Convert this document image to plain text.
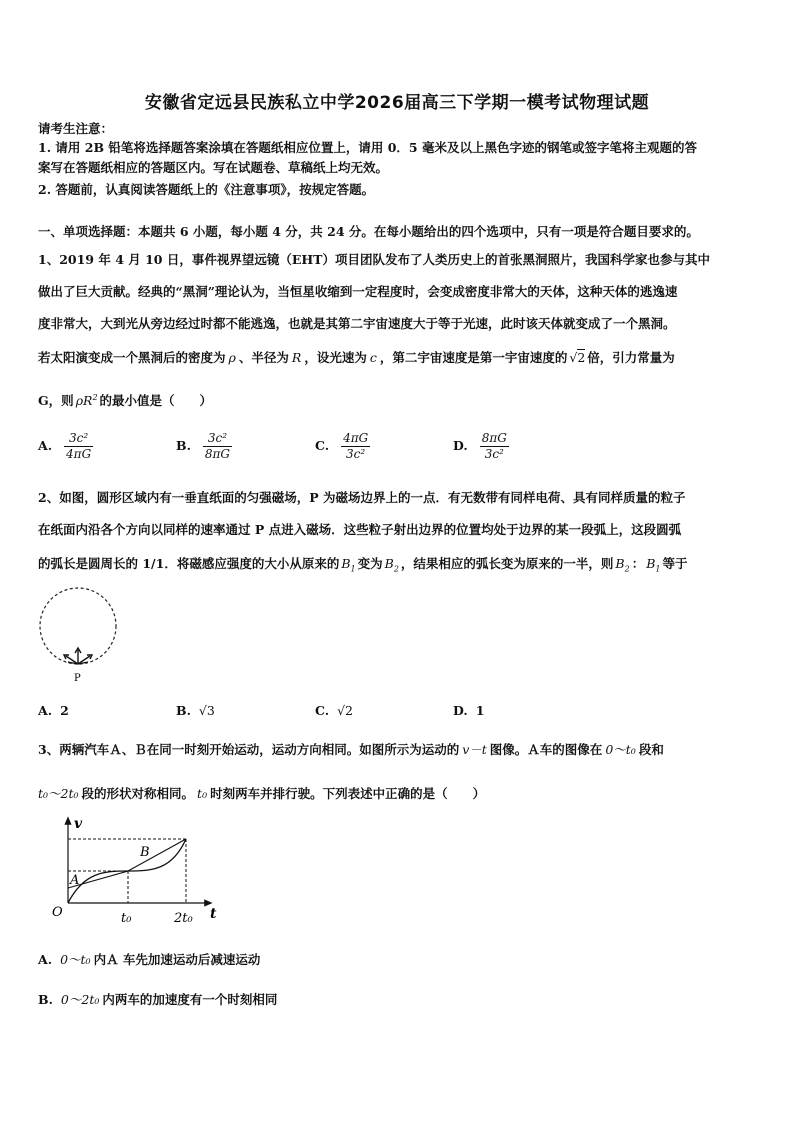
安徽省定远县民族私立中学2026届高三下学期一模考试物理试题
请考生注意：
1. 请用 2B 铅笔将选择题答案涂填在答题纸相应位置上，请用 0．5 毫米及以上黑色字迹的钢笔或签字笔将主观题的答
案写在答题纸相应的答题区内。写在试题卷、草稿纸上均无效。
2. 答题前，认真阅读答题纸上的《注意事项》，按规定答题。
一、单项选择题：本题共 6 小题，每小题 4 分，共 24 分。在每小题给出的四个选项中，只有一项是符合题目要求的。
1、2019 年 4 月 10 日，事件视界望远镜（EHT）项目团队发布了人类历史上的首张黑洞照片，我国科学家也参与其中
做出了巨大贡献。经典的“黑洞”理论认为，当恒星收缩到一定程度时，会变成密度非常大的天体，这种天体的逃逸速
度非常大，大到光从旁边经过时都不能逃逸，也就是其第二宇宙速度大于等于光速，此时该天体就变成了一个黑洞。
若太阳演变成一个黑洞后的密度为 ρ 、半径为 R ，设光速为 c ，第二宇宙速度是第一宇宙速度的 √2 倍，引力常量为
G，则 $\rho R^2$ 的最小值是（　　）
A. $\frac{\text{3c²}}{4\pi G}$	B. $\frac{\text{3c²}}{8\pi G}$	C. $\frac{4\pi G}{\text{3c²}}$	D. $\frac{8\pi G}{\text{3c²}}$
2、如图，圆形区域内有一垂直纸面的匀强磁场，P 为磁场边界上的一点．有无数带有同样电荷、具有同样质量的粒子
在纸面内沿各个方向以同样的速率通过 P 点进入磁场．这些粒子射出边界的位置均处于边界的某一段弧上，这段圆弧
的弧长是圆周长的 1/1．将磁感应强度的大小从原来的 $B_1$ 变为 $B_2$ ，结果相应的弧长变为原来的一半，则 $B_2$ ： $B_1$ 等于
P
A. 2	B. √3	C. √2	D. 1
3、两辆汽车Ａ、Ｂ在同一时刻开始运动，运动方向相同。如图所示为运动的 v－t 图像。Ａ车的图像在 0～t₀ 段和
t₀～2t₀ 段的形状对称相同。 t₀ 时刻两车并排行驶。下列表述中正确的是（　　）
v
t
O
A
B
t₀	2t₀
A. 0～t₀ 内Ａ 车先加速运动后减速运动
B. 0～2t₀ 内两车的加速度有一个时刻相同
